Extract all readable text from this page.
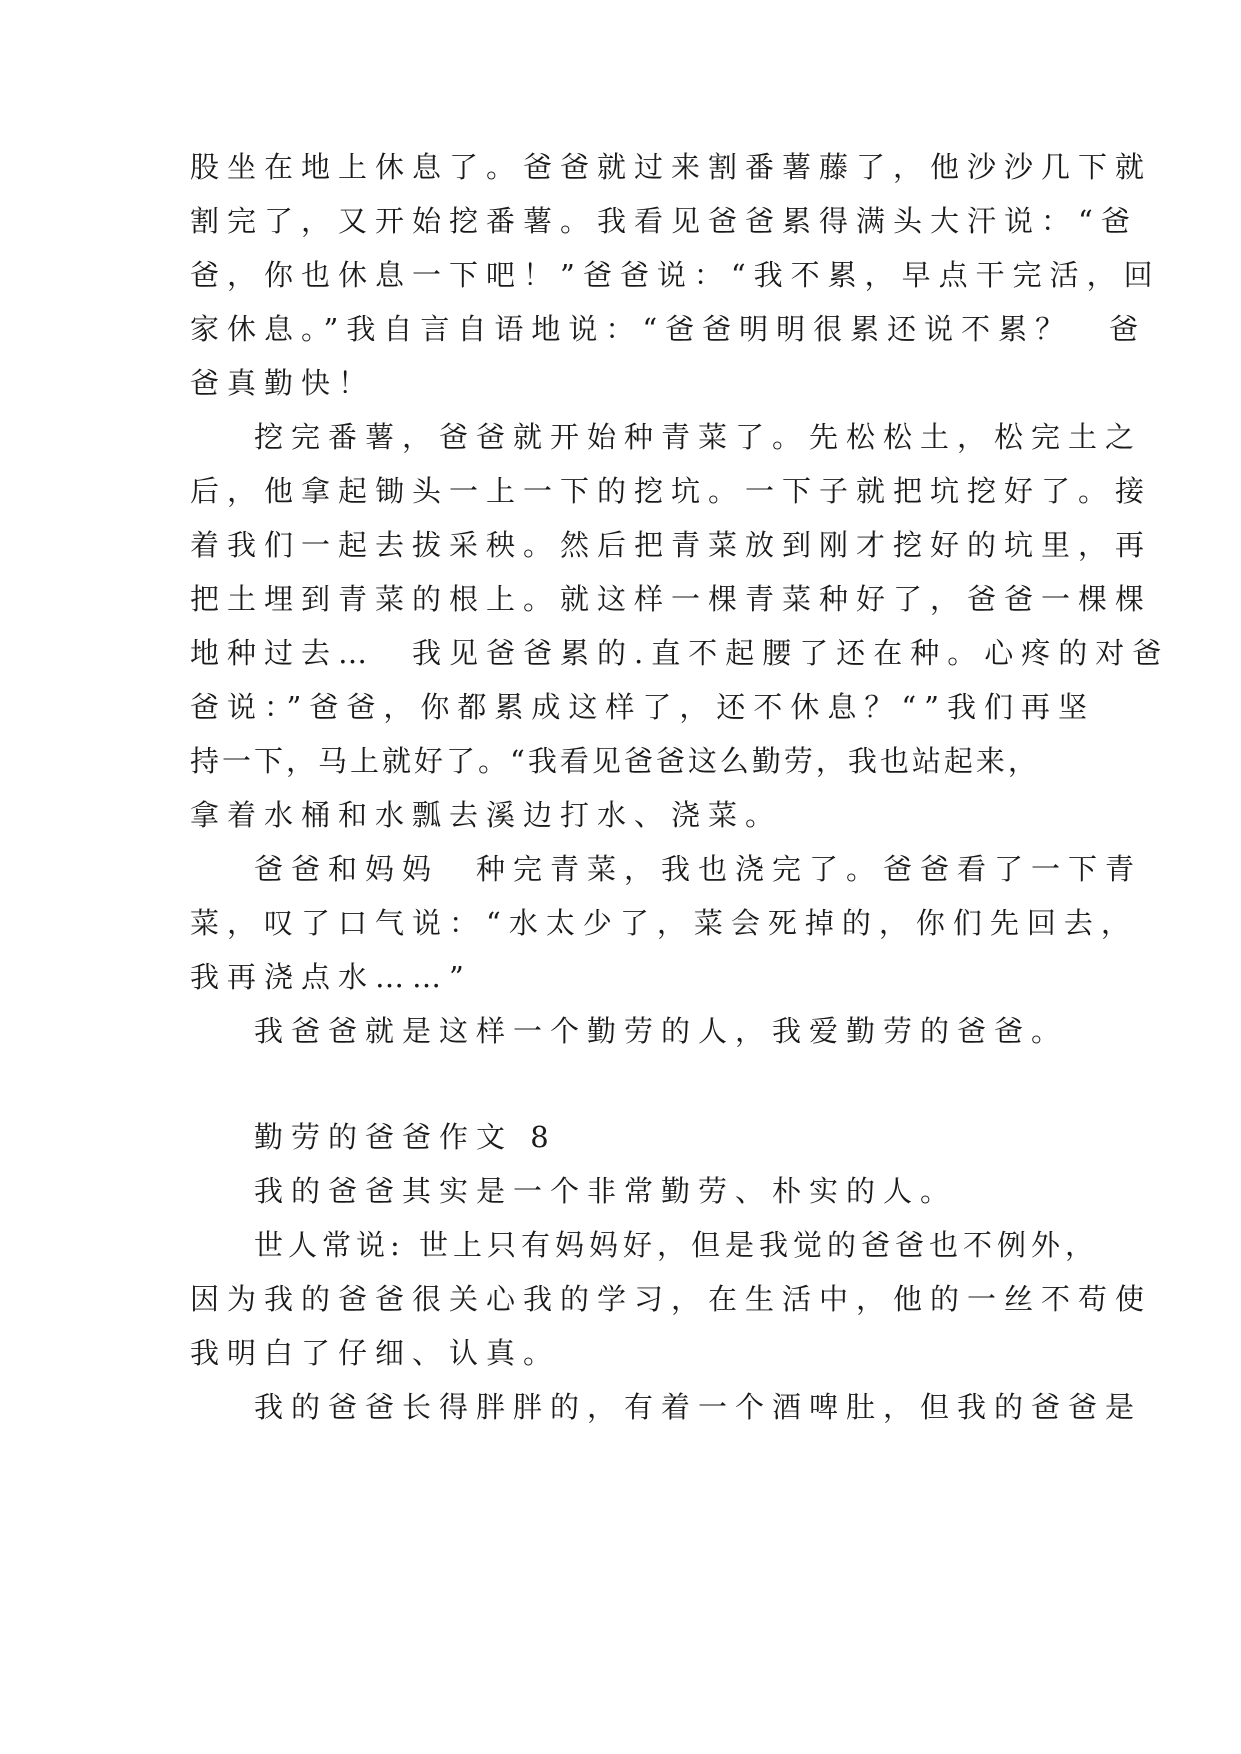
股坐在地上休息了。爸爸就过来割番薯藤了，他沙沙几下就

割完了，又开始挖番薯。我看见爸爸累得满头大汗说：“爸

爸，你也休息一下吧！”爸爸说：“我不累，早点干完活，回

家休息。”我自言自语地说：“爸爸明明很累还说不累？　爸

爸真勤快！

挖完番薯，爸爸就开始种青菜了。先松松土，松完土之

后，他拿起锄头一上一下的挖坑。一下子就把坑挖好了。接

着我们一起去拔采秧。然后把青菜放到刚才挖好的坑里，再

把土埋到青菜的根上。就这样一棵青菜种好了，爸爸一棵棵

地种过去…　我见爸爸累的.直不起腰了还在种。心疼的对爸

爸说：”爸爸，你都累成这样了，还不休息？“”我们再坚

持一下，马上就好了。“我看见爸爸这么勤劳，我也站起来，

拿着水桶和水瓢去溪边打水、浇菜。

爸爸和妈妈　种完青菜，我也浇完了。爸爸看了一下青

菜，叹了口气说：“水太少了，菜会死掉的，你们先回去，

我再浇点水……”

我爸爸就是这样一个勤劳的人，我爱勤劳的爸爸。

勤劳的爸爸作文 8

我的爸爸其实是一个非常勤劳、朴实的人。

世人常说: 世上只有妈妈好，但是我觉的爸爸也不例外，

因为我的爸爸很关心我的学习，在生活中，他的一丝不苟使

我明白了仔细、认真。

我的爸爸长得胖胖的，有着一个酒啤肚，但我的爸爸是
